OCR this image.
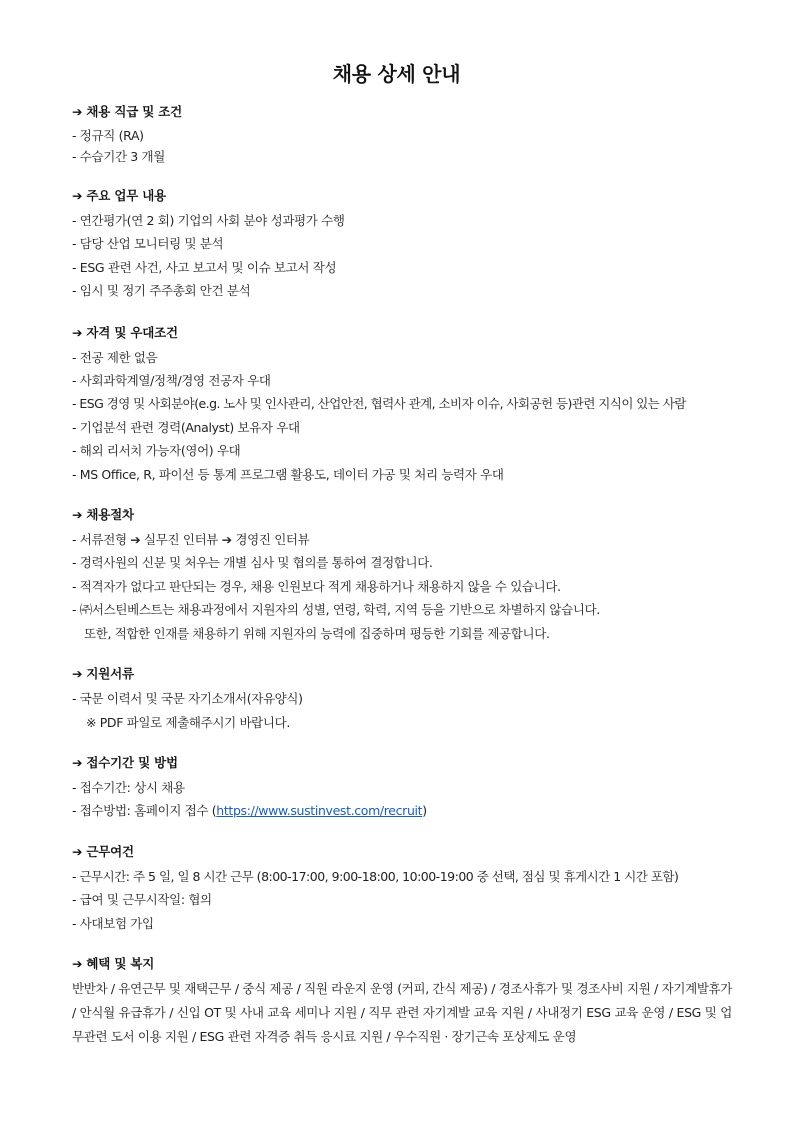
채용 상세 안내
➔ 채용 직급 및 조건
- 정규직 (RA)
- 수습기간 3 개월
➔ 주요 업무 내용
- 연간평가(연 2 회) 기업의 사회 분야 성과평가 수행
- 담당 산업 모니터링 및 분석
- ESG 관련 사건, 사고 보고서 및 이슈 보고서 작성
- 임시 및 정기 주주총회 안건 분석
➔ 자격 및 우대조건
- 전공 제한 없음
- 사회과학계열/정책/경영 전공자 우대
- ESG 경영 및 사회분야(e.g. 노사 및 인사관리, 산업안전, 협력사 관계, 소비자 이슈, 사회공헌 등)관련 지식이 있는 사람
- 기업분석 관련 경력(Analyst) 보유자 우대
- 해외 리서치 가능자(영어) 우대
- MS Office, R, 파이선 등 통계 프로그램 활용도, 데이터 가공 및 처리 능력자 우대
➔ 채용절차
- 서류전형 ➔ 실무진 인터뷰 ➔ 경영진 인터뷰
- 경력사원의 신분 및 처우는 개별 심사 및 협의를 통하여 결정합니다.
- 적격자가 없다고 판단되는 경우, 채용 인원보다 적게 채용하거나 채용하지 않을 수 있습니다.
- ㈜서스틴베스트는 채용과정에서 지원자의 성별, 연령, 학력, 지역 등을 기반으로 차별하지 않습니다.
또한, 적합한 인재를 채용하기 위해 지원자의 능력에 집중하며 평등한 기회를 제공합니다.
➔ 지원서류
- 국문 이력서 및 국문 자기소개서(자유양식)
※ PDF 파일로 제출해주시기 바랍니다.
➔ 접수기간 및 방법
- 접수기간: 상시 채용
- 접수방법: 홈페이지 접수 (https://www.sustinvest.com/recruit)
➔ 근무여건
- 근무시간: 주 5 일, 일 8 시간 근무 (8:00-17:00, 9:00-18:00, 10:00-19:00 중 선택, 점심 및 휴게시간 1 시간 포함)
- 급여 및 근무시작일: 협의
- 사대보험 가입
➔ 혜택 및 복지
반반차 / 유연근무 및 재택근무 / 중식 제공 / 직원 라운지 운영 (커피, 간식 제공) / 경조사휴가 및 경조사비 지원 / 자기계발휴가 / 안식월 유급휴가 / 신입 OT 및 사내 교육 세미나 지원 / 직무 관련 자기계발 교육 지원 / 사내정기 ESG 교육 운영 / ESG 및 업무관련 도서 이용 지원 / ESG 관련 자격증 취득 응시료 지원 / 우수직원 · 장기근속 포상제도 운영
